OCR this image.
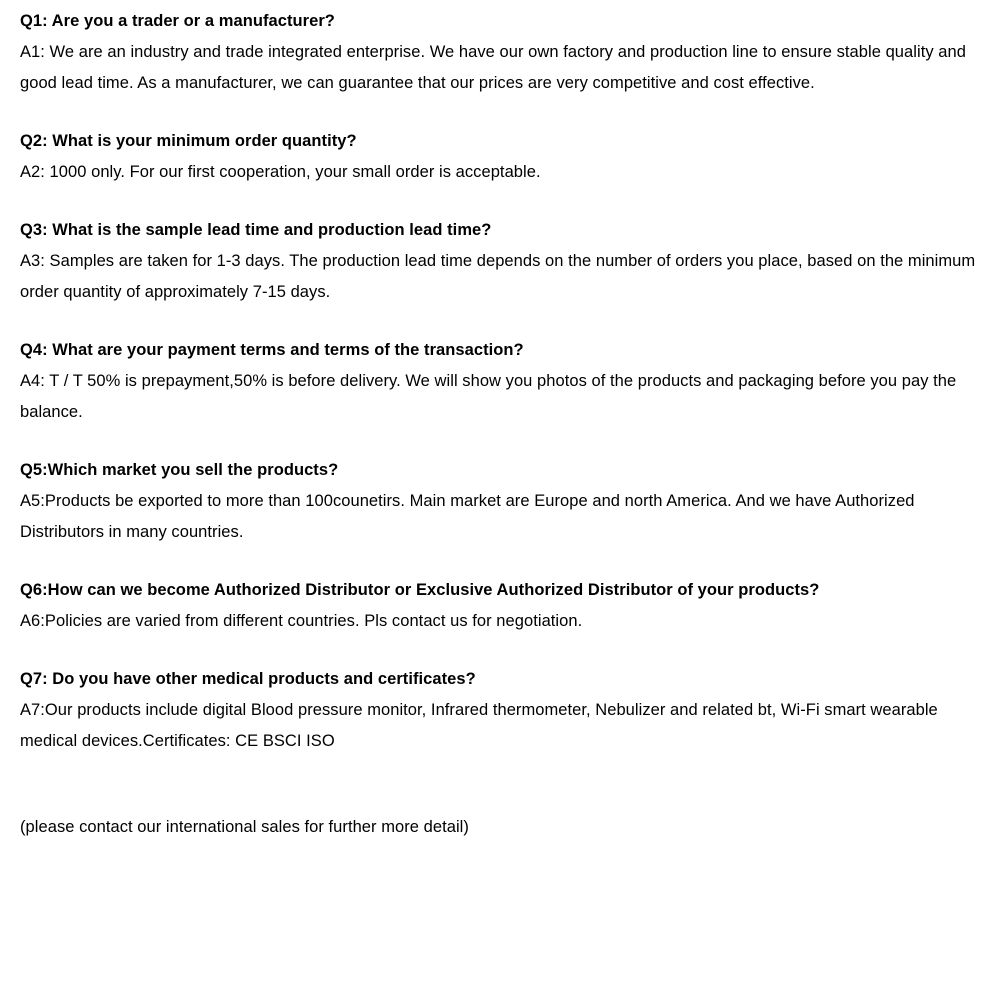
Q1: Are you a trader or a manufacturer?

A1: We are an industry and trade integrated enterprise. We have our own factory and production line to ensure stable quality and good lead time. As a manufacturer, we can guarantee that our prices are very competitive and cost effective.

Q2: What is your minimum order quantity?

A2: 1000 only. For our first cooperation, your small order is acceptable.

Q3: What is the sample lead time and production lead time?

A3: Samples are taken for 1-3 days. The production lead time depends on the number of orders you place, based on the minimum order quantity of approximately 7-15 days.

Q4: What are your payment terms and terms of the transaction?

A4: T / T 50% is prepayment,50% is before delivery. We will show you photos of the products and packaging before you pay the balance.

Q5:Which market you sell the products?

A5:Products be exported to more than 100counetirs. Main market are Europe and north America. And we have Authorized Distributors in many countries.

Q6:How can we become Authorized Distributor or Exclusive Authorized Distributor of your products?

A6:Policies are varied from different countries. Pls contact us for negotiation.

Q7: Do you have other medical products and certificates?

A7:Our products include digital Blood pressure monitor, Infrared thermometer, Nebulizer and related bt, Wi-Fi smart wearable medical devices.Certificates: CE BSCI ISO

(please contact our international sales for further more detail)
